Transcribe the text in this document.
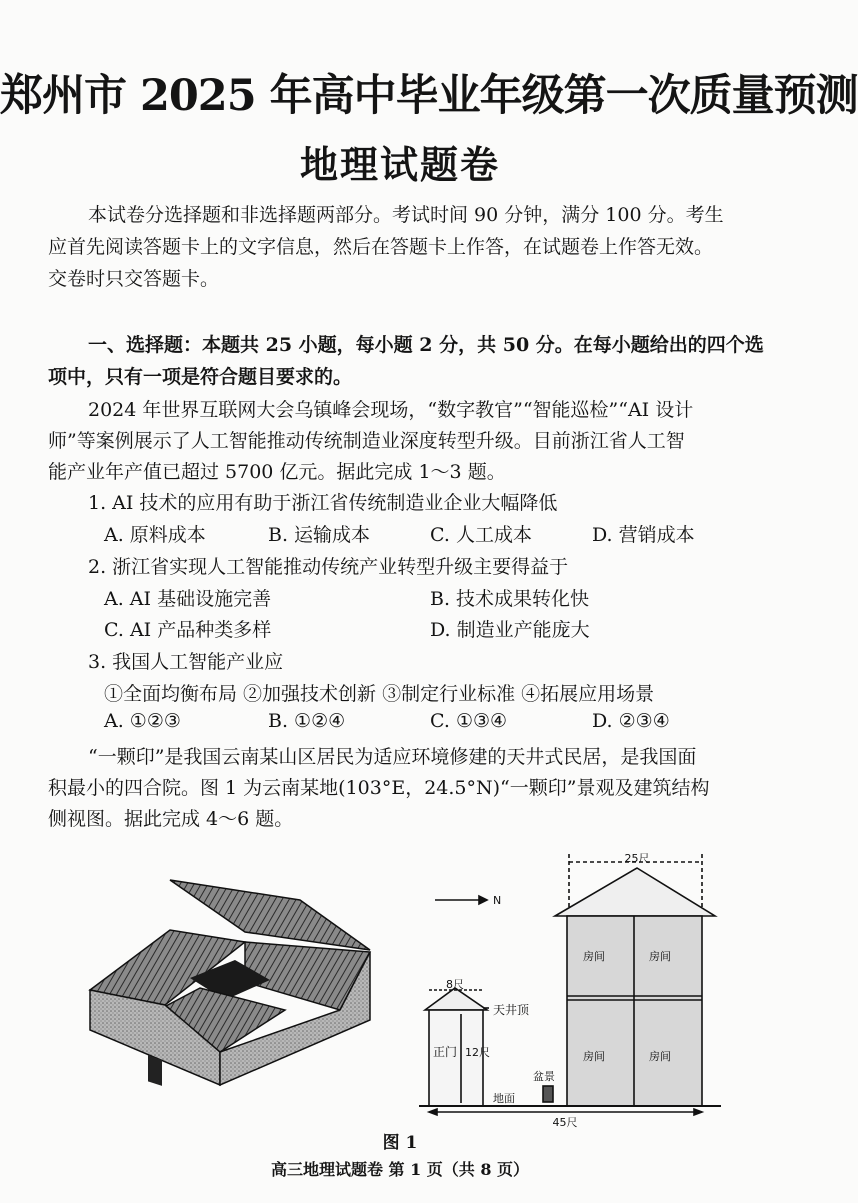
郑州市 2025 年高中毕业年级第一次质量预测
地理试题卷
本试卷分选择题和非选择题两部分。考试时间 90 分钟，满分 100 分。考生
应首先阅读答题卡上的文字信息，然后在答题卡上作答，在试题卷上作答无效。
交卷时只交答题卡。
一、选择题：本题共 25 小题，每小题 2 分，共 50 分。在每小题给出的四个选
项中，只有一项是符合题目要求的。
2024 年世界互联网大会乌镇峰会现场，“数字教官”“智能巡检”“AI 设计
师”等案例展示了人工智能推动传统制造业深度转型升级。目前浙江省人工智
能产业年产值已超过 5700 亿元。据此完成 1～3 题。
1. AI 技术的应用有助于浙江省传统制造业企业大幅降低
A. 原料成本	B. 运输成本	C. 人工成本	D. 营销成本
2. 浙江省实现人工智能推动传统产业转型升级主要得益于
A. AI 基础设施完善	B. 技术成果转化快
C. AI 产品种类多样	D. 制造业产能庞大
3. 我国人工智能产业应
①全面均衡布局 ②加强技术创新 ③制定行业标准 ④拓展应用场景
A. ①②③	B. ①②④	C. ①③④	D. ②③④
“一颗印”是我国云南某山区居民为适应环境修建的天井式民居，是我国面
积最小的四合院。图 1 为云南某地(103°E，24.5°N)“一颗印”景观及建筑结构
侧视图。据此完成 4～6 题。
25尺
8尺
N
天井顶
正门 12尺
盆景
地面
45尺
房间	房间
房间	房间
图 1
高三地理试题卷 第 1 页（共 8 页）
